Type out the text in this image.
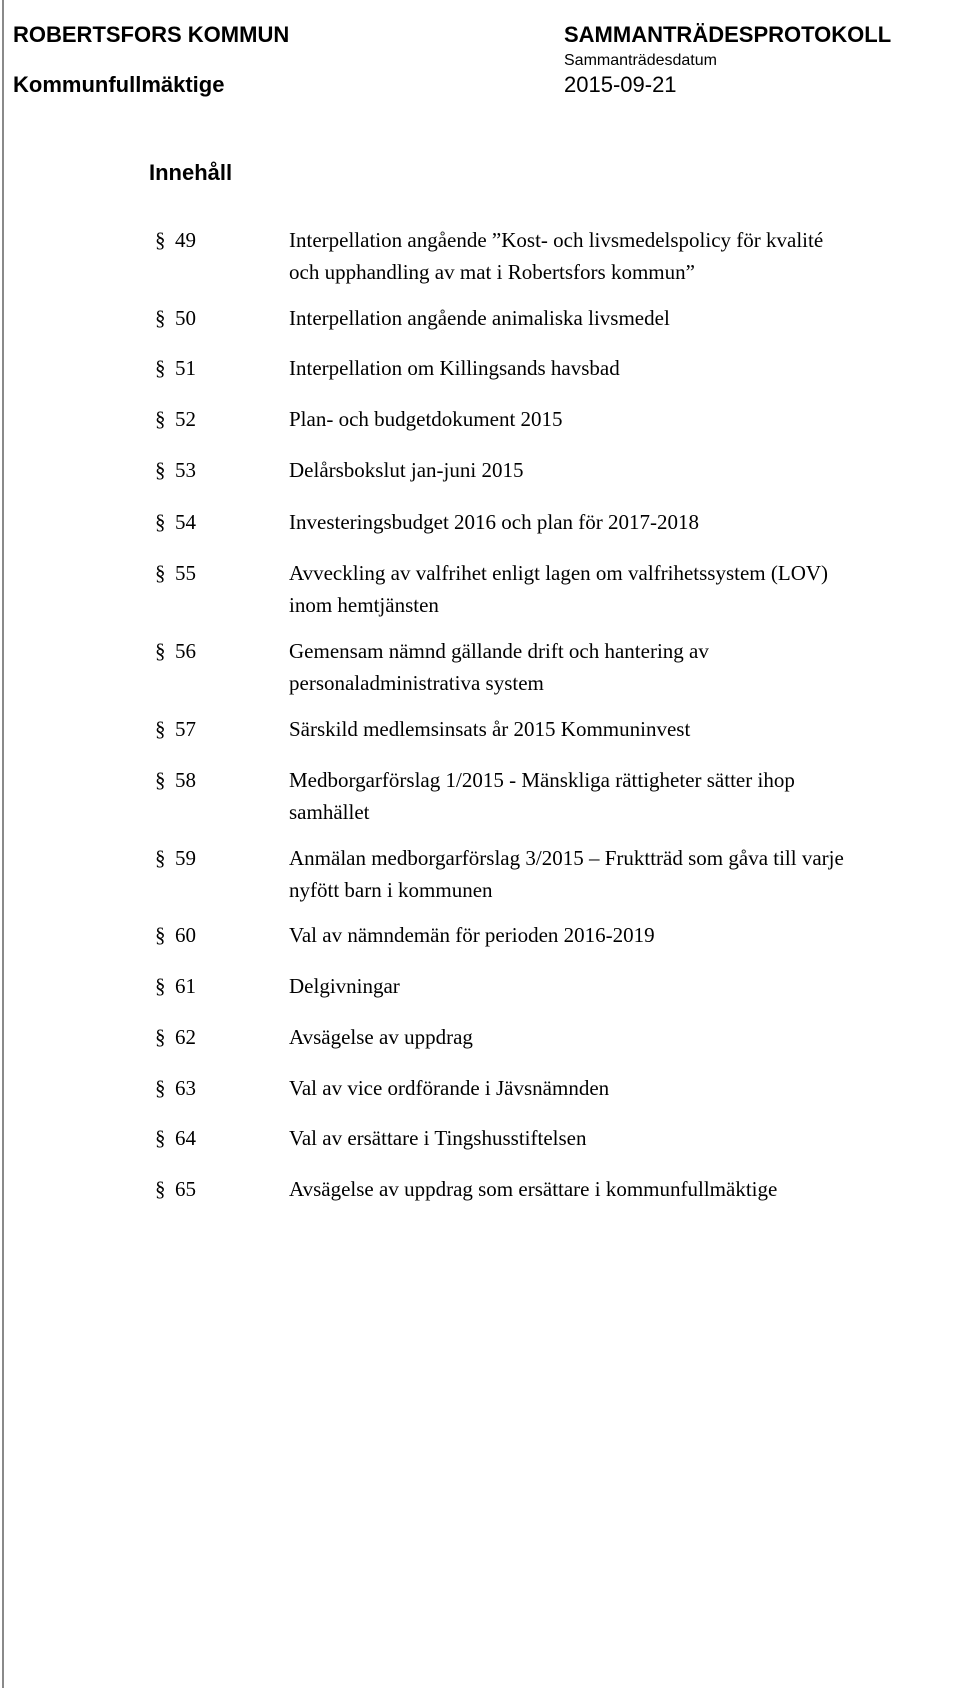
ROBERTSFORS KOMMUN
Kommunfullmäktige
SAMMANTRÄDESPROTOKOLL
Sammanträdesdatum
2015-09-21
Innehåll
§ 49	Interpellation angående ”Kost- och livsmedelspolicy för kvalité
och upphandling av mat i Robertsfors kommun”
§ 50	Interpellation angående animaliska livsmedel
§ 51	Interpellation om Killingsands havsbad
§ 52	Plan- och budgetdokument 2015
§ 53	Delårsbokslut jan-juni 2015
§ 54	Investeringsbudget 2016 och plan för 2017-2018
§ 55	Avveckling av valfrihet enligt lagen om valfrihetssystem (LOV)
inom hemtjänsten
§ 56	Gemensam nämnd gällande drift och hantering av
personaladministrativa system
§ 57	Särskild medlemsinsats år 2015 Kommuninvest
§ 58	Medborgarförslag 1/2015 - Mänskliga rättigheter sätter ihop
samhället
§ 59	Anmälan medborgarförslag 3/2015 – Fruktträd som gåva till varje
nyfött barn i kommunen
§ 60	Val av nämndemän för perioden 2016-2019
§ 61	Delgivningar
§ 62	Avsägelse av uppdrag
§ 63	Val av vice ordförande i Jävsnämnden
§ 64	Val av ersättare i Tingshusstiftelsen
§ 65	Avsägelse av uppdrag som ersättare i kommunfullmäktige
